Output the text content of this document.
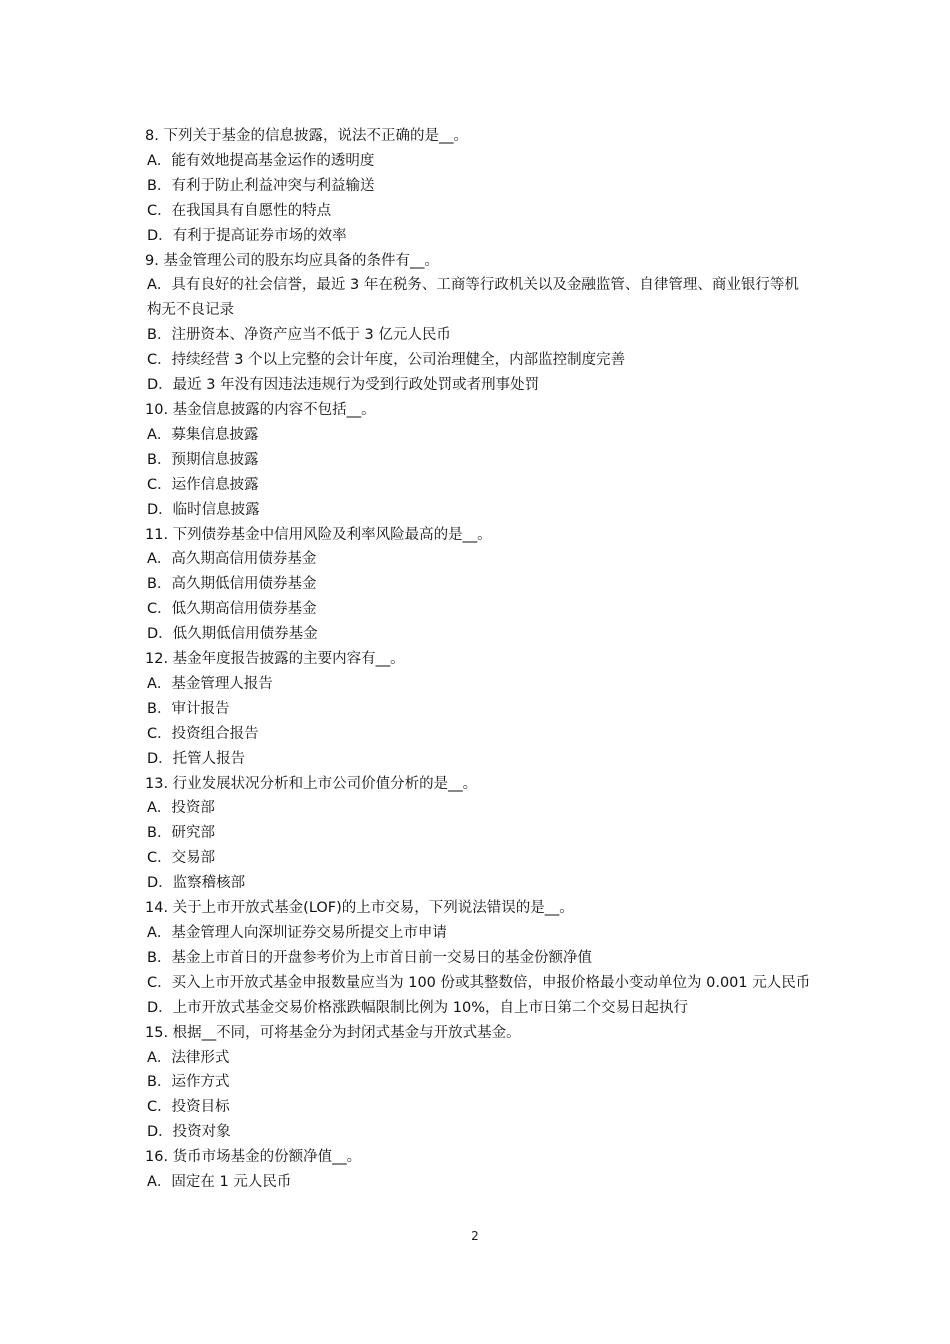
8. 下列关于基金的信息披露，说法不正确的是__。

A．能有效地提高基金运作的透明度

B．有利于防止利益冲突与利益输送

C．在我国具有自愿性的特点

D．有利于提高证券市场的效率

9. 基金管理公司的股东均应具备的条件有__。

A．具有良好的社会信誉，最近 3 年在税务、工商等行政机关以及金融监管、自律管理、商业银行等机构无不良记录

B．注册资本、净资产应当不低于 3 亿元人民币

C．持续经营 3 个以上完整的会计年度，公司治理健全，内部监控制度完善

D．最近 3 年没有因违法违规行为受到行政处罚或者刑事处罚

10. 基金信息披露的内容不包括__。

A．募集信息披露

B．预期信息披露

C．运作信息披露

D．临时信息披露

11. 下列债券基金中信用风险及利率风险最高的是__。

A．高久期高信用债券基金

B．高久期低信用债券基金

C．低久期高信用债券基金

D．低久期低信用债券基金

12. 基金年度报告披露的主要内容有__。

A．基金管理人报告

B．审计报告

C．投资组合报告

D．托管人报告

13. 行业发展状况分析和上市公司价值分析的是__。

A．投资部

B．研究部

C．交易部

D．监察稽核部

14. 关于上市开放式基金(LOF)的上市交易，下列说法错误的是__。

A．基金管理人向深圳证券交易所提交上市申请

B．基金上市首日的开盘参考价为上市首日前一交易日的基金份额净值

C．买入上市开放式基金申报数量应当为 100 份或其整数倍，申报价格最小变动单位为 0.001 元人民币

D．上市开放式基金交易价格涨跌幅限制比例为 10%，自上市日第二个交易日起执行

15. 根据__不同，可将基金分为封闭式基金与开放式基金。

A．法律形式

B．运作方式

C．投资目标

D．投资对象

16. 货币市场基金的份额净值__。

A．固定在 1 元人民币

2
